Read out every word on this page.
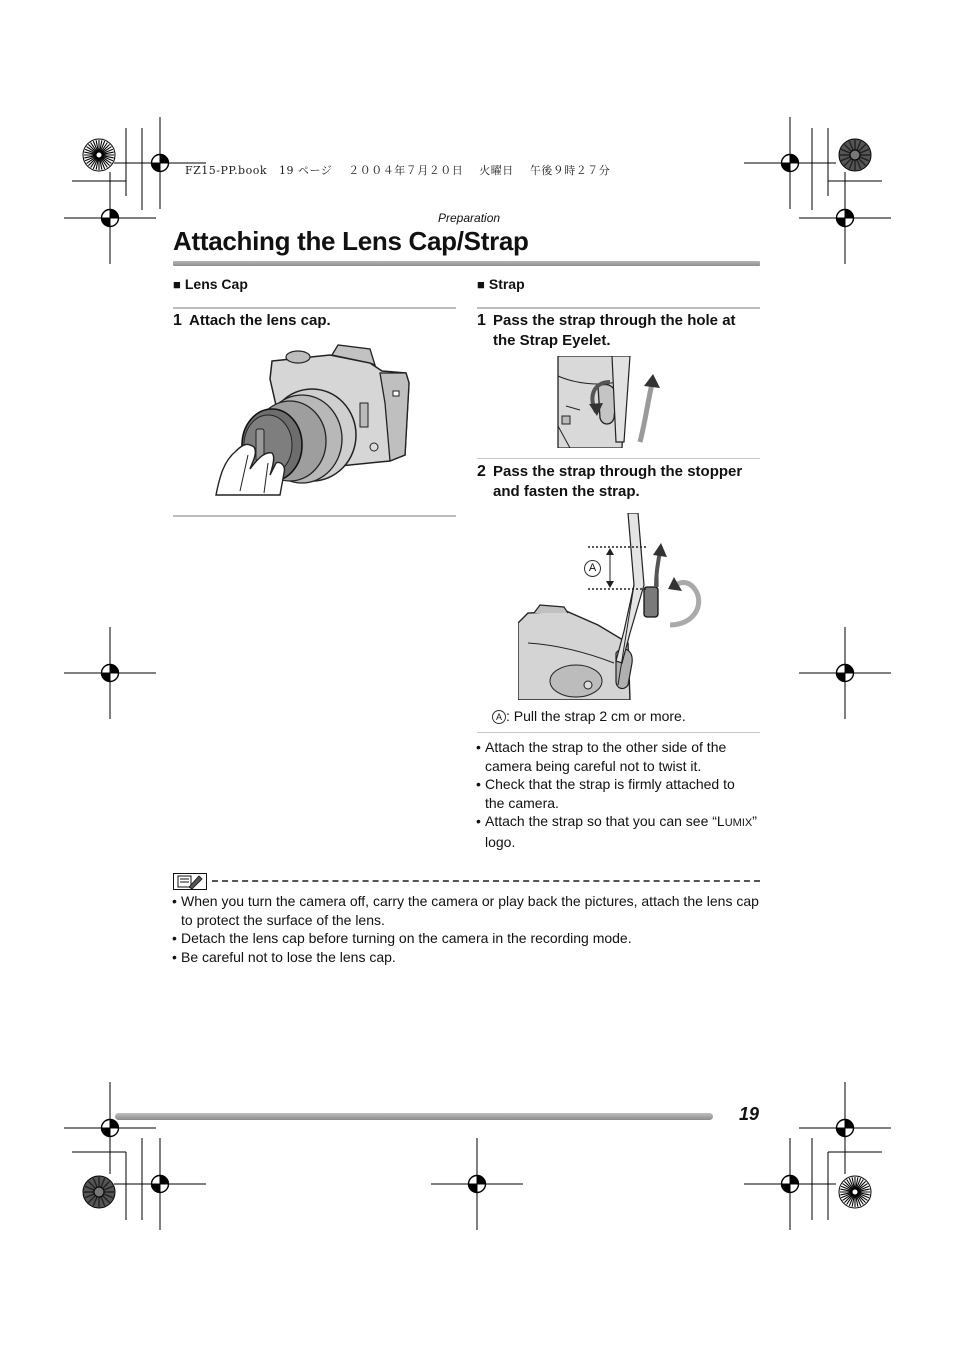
FZ15-PP.book 19 ページ ２００４年７月２０日 火曜日 午後９時２７分
Preparation
Attaching the Lens Cap/Strap
■ Lens Cap
1 Attach the lens cap.
■ Strap
1 Pass the strap through the hole at the Strap Eyelet.
2 Pass the strap through the stopper and fasten the strap.
A
A : Pull the strap 2 cm or more.
• Attach the strap to the other side of the camera being careful not to twist it.
• Check that the strap is firmly attached to the camera.
• Attach the strap so that you can see “LUMIX” logo.
• When you turn the camera off, carry the camera or play back the pictures, attach the lens cap to protect the surface of the lens.
• Detach the lens cap before turning on the camera in the recording mode.
• Be careful not to lose the lens cap.
19
